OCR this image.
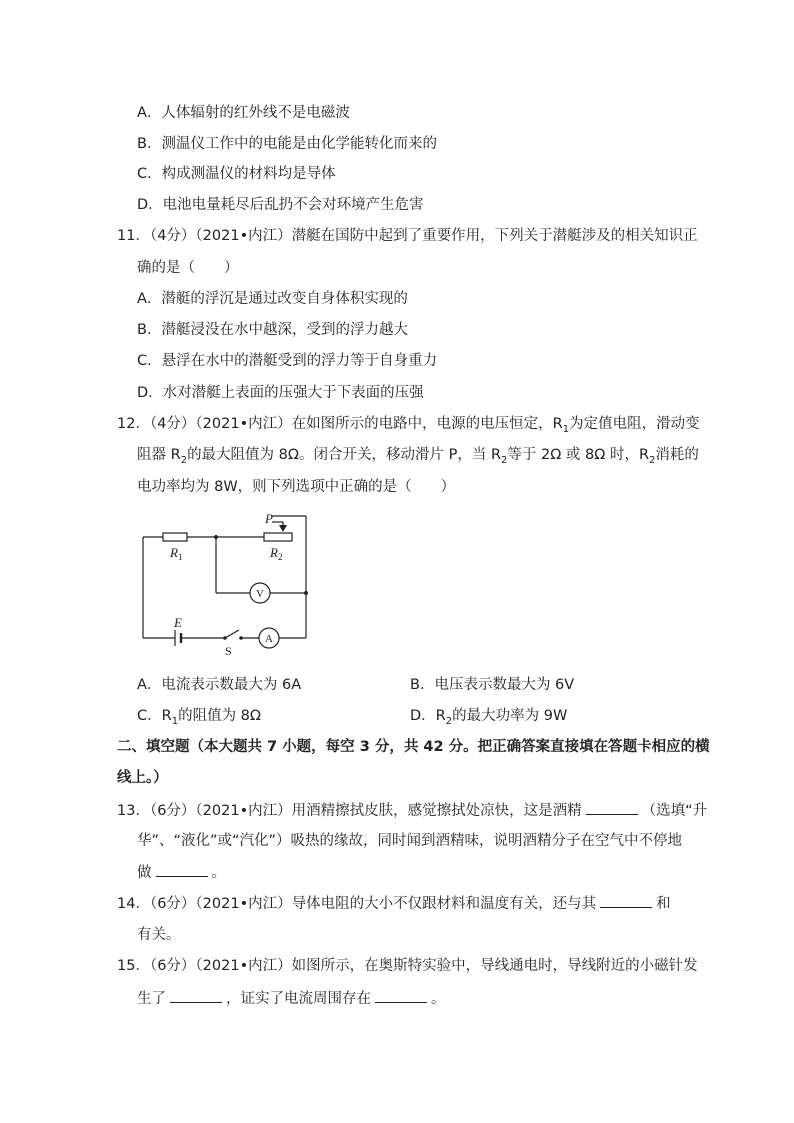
A．人体辐射的红外线不是电磁波
B．测温仪工作中的电能是由化学能转化而来的
C．构成测温仪的材料均是导体
D．电池电量耗尽后乱扔不会对环境产生危害
11．（4分）（2021•内江）潜艇在国防中起到了重要作用，下列关于潜艇涉及的相关知识正
确的是（　　）
A．潜艇的浮沉是通过改变自身体积实现的
B．潜艇浸没在水中越深，受到的浮力越大
C．悬浮在水中的潜艇受到的浮力等于自身重力
D．水对潜艇上表面的压强大于下表面的压强
12．（4分）（2021•内江）在如图所示的电路中，电源的电压恒定，$R_1$为定值电阻，滑动变
阻器 $R_2$的最大阻值为 8Ω。闭合开关，移动滑片 P，当 $R_2$等于 2Ω 或 8Ω 时，$R_2$消耗的
电功率均为 8W，则下列选项中正确的是（　　）
P
$R_1$	$R_2$
E
V
A
S
A．电流表示数最大为 6A	B．电压表示数最大为 6V
C．$R_1$的阻值为 8Ω	D．$R_2$的最大功率为 9W
二、填空题（本大题共 7 小题，每空 3 分，共 42 分。把正确答案直接填在答题卡相应的横
线上。）
13．（6分）（2021•内江）用酒精擦拭皮肤，感觉擦拭处凉快，这是酒精	（选填“升
华”、“液化”或“汽化”）吸热的缘故，同时闻到酒精味，说明酒精分子在空气中不停地
做	。
14．（6分）（2021•内江）导体电阻的大小不仅跟材料和温度有关，还与其	和
有关。
15．（6分）（2021•内江）如图所示，在奥斯特实验中，导线通电时，导线附近的小磁针发
生了	，证实了电流周围存在	。
